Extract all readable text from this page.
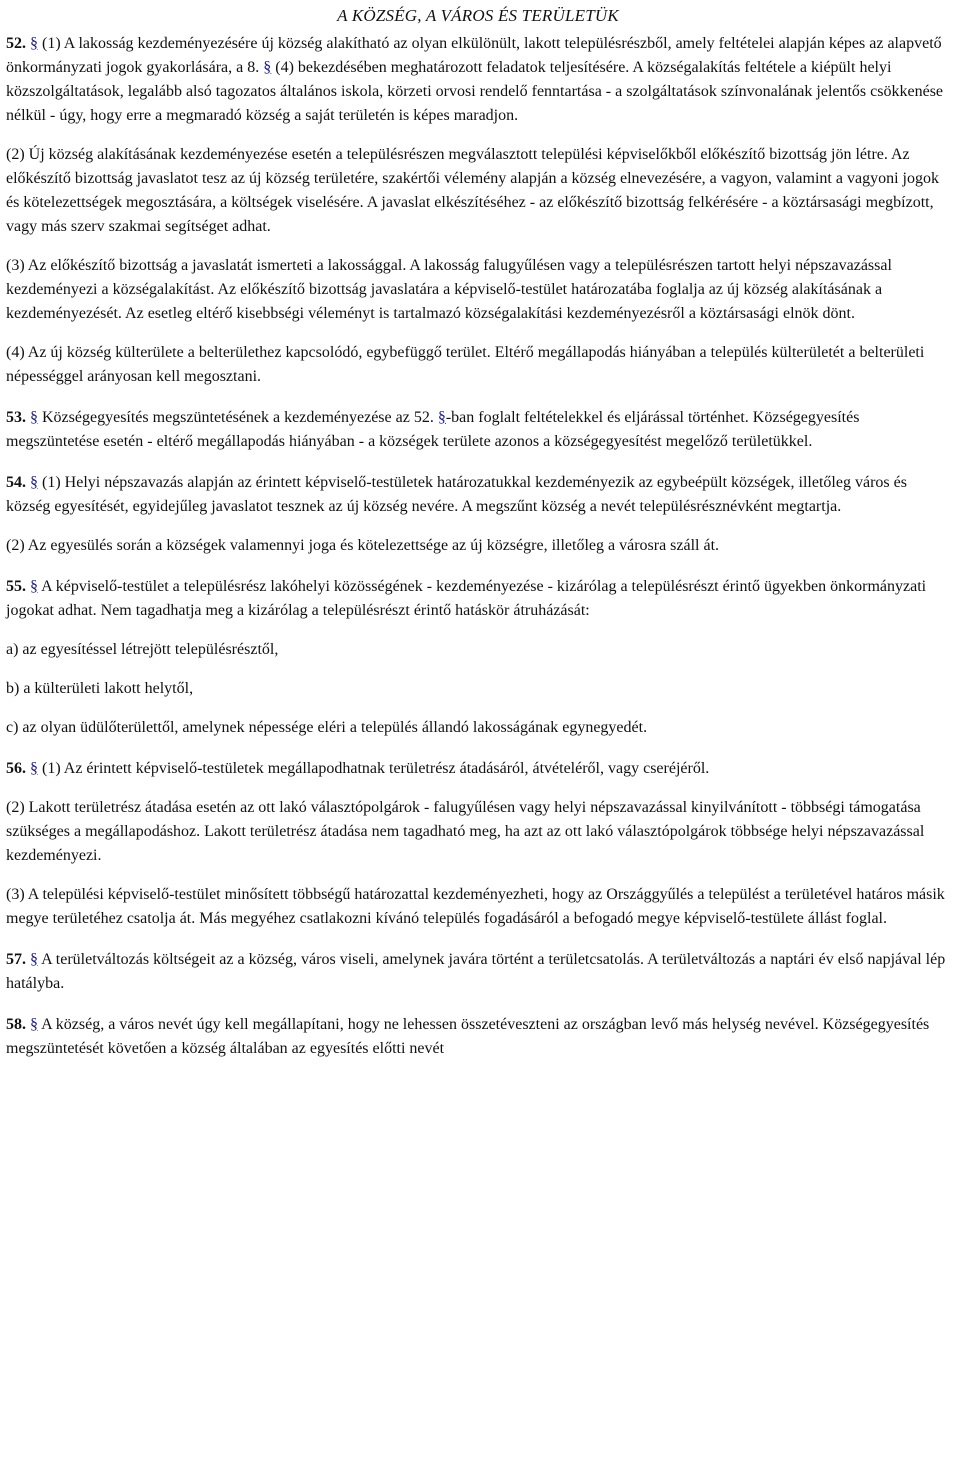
A KÖZSÉG, A VÁROS ÉS TERÜLETÜK

52. § (1) A lakosság kezdeményezésére új község alakítható az olyan elkülönült, lakott településrészből, amely feltételei alapján képes az alapvető önkormányzati jogok gyakorlására, a 8. § (4) bekezdésében meghatározott feladatok teljesítésére. A községalakítás feltétele a kiépült helyi közszolgáltatások, legalább alsó tagozatos általános iskola, körzeti orvosi rendelő fenntartása - a szolgáltatások színvonalának jelentős csökkenése nélkül - úgy, hogy erre a megmaradó község a saját területén is képes maradjon.

(2) Új község alakításának kezdeményezése esetén a településrészen megválasztott települési képviselőkből előkészítő bizottság jön létre. Az előkészítő bizottság javaslatot tesz az új község területére, szakértői vélemény alapján a község elnevezésére, a vagyon, valamint a vagyoni jogok és kötelezettségek megosztására, a költségek viselésére. A javaslat elkészítéséhez - az előkészítő bizottság felkérésére - a köztársasági megbízott, vagy más szerv szakmai segítséget adhat.

(3) Az előkészítő bizottság a javaslatát ismerteti a lakossággal. A lakosság falugyűlésen vagy a településrészen tartott helyi népszavazással kezdeményezi a községalakítást. Az előkészítő bizottság javaslatára a képviselő-testület határozatába foglalja az új község alakításának a kezdeményezését. Az esetleg eltérő kisebbségi véleményt is tartalmazó községalakítási kezdeményezésről a köztársasági elnök dönt.

(4) Az új község külterülete a belterülethez kapcsolódó, egybefüggő terület. Eltérő megállapodás hiányában a település külterületét a belterületi népességgel arányosan kell megosztani.

53. § Községegyesítés megszüntetésének a kezdeményezése az 52. §-ban foglalt feltételekkel és eljárással történhet. Községegyesítés megszüntetése esetén - eltérő megállapodás hiányában - a községek területe azonos a községegyesítést megelőző területükkel.

54. § (1) Helyi népszavazás alapján az érintett képviselő-testületek határozatukkal kezdeményezik az egybeépült községek, illetőleg város és község egyesítését, egyidejűleg javaslatot tesznek az új község nevére. A megszűnt község a nevét településrésznévként megtartja.

(2) Az egyesülés során a községek valamennyi joga és kötelezettsége az új községre, illetőleg a városra száll át.

55. § A képviselő-testület a településrész lakóhelyi közösségének - kezdeményezése - kizárólag a településrészt érintő ügyekben önkormányzati jogokat adhat. Nem tagadhatja meg a kizárólag a településrészt érintő hatáskör átruházását:

a) az egyesítéssel létrejött településrésztől,

b) a külterületi lakott helytől,

c) az olyan üdülőterülettől, amelynek népessége eléri a település állandó lakosságának egynegyedét.

56. § (1) Az érintett képviselő-testületek megállapodhatnak területrész átadásáról, átvételéről, vagy cseréjéről.

(2) Lakott területrész átadása esetén az ott lakó választópolgárok - falugyűlésen vagy helyi népszavazással kinyilvánított - többségi támogatása szükséges a megállapodáshoz. Lakott területrész átadása nem tagadható meg, ha azt az ott lakó választópolgárok többsége helyi népszavazással kezdeményezi.

(3) A települési képviselő-testület minősített többségű határozattal kezdeményezheti, hogy az Országgyűlés a települést a területével határos másik megye területéhez csatolja át. Más megyéhez csatlakozni kívánó település fogadásáról a befogadó megye képviselő-testülete állást foglal.

57. § A területváltozás költségeit az a község, város viseli, amelynek javára történt a területcsatolás. A területváltozás a naptári év első napjával lép hatályba.

58. § A község, a város nevét úgy kell megállapítani, hogy ne lehessen összetéveszteni az országban levő más helység nevével. Községegyesítés megszüntetését követően a község általában az egyesítés előtti nevét
